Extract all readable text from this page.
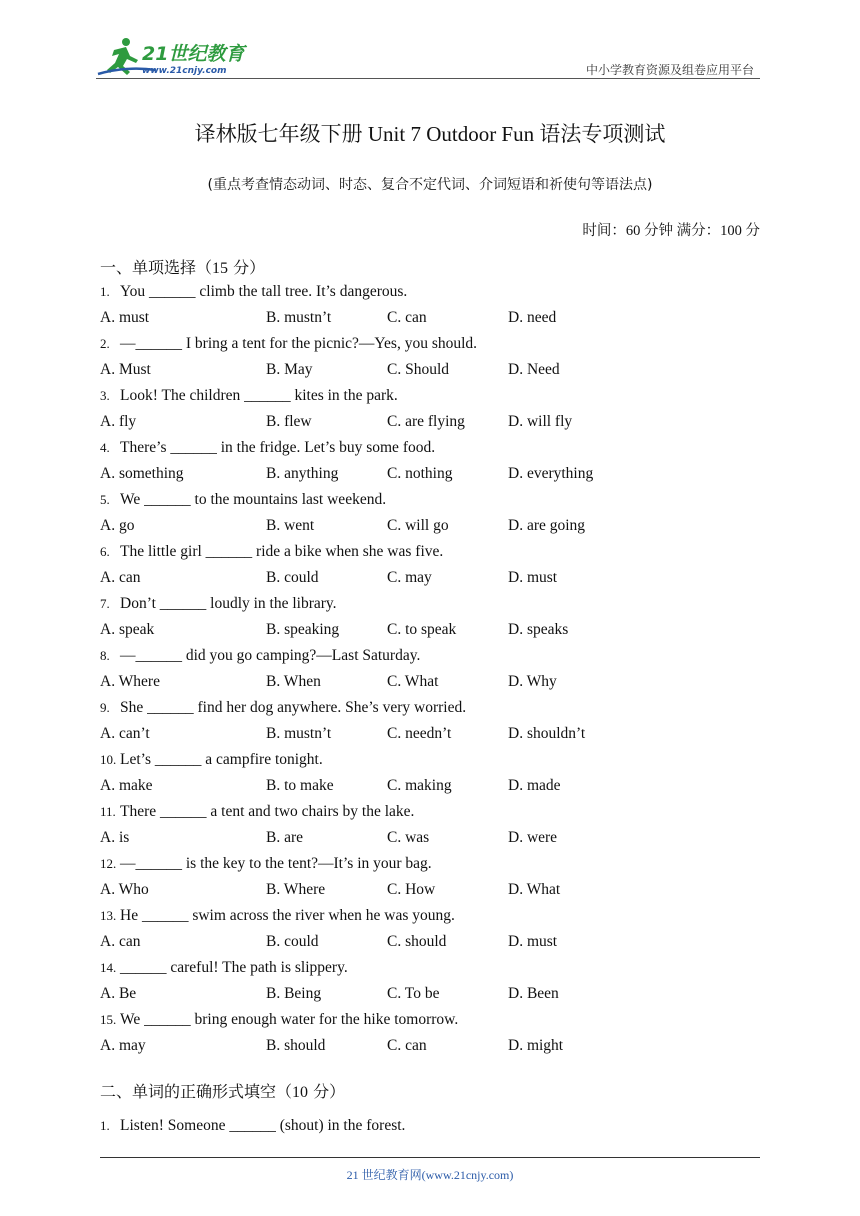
21世纪教育
www.21cnjy.com	中小学教育资源及组卷应用平台
译林版七年级下册 Unit 7 Outdoor Fun 语法专项测试
(重点考查情态动词、时态、复合不定代词、介词短语和祈使句等语法点)
时间：60 分钟 满分：100 分
一、单项选择（15 分）
1. You ______ climb the tall tree. It’s dangerous.
A. must	B. mustn’t	C. can	D. need
2. —______ I bring a tent for the picnic?—Yes, you should.
A. Must	B. May	C. Should	D. Need
3. Look! The children ______ kites in the park.
A. fly	B. flew	C. are flying	D. will fly
4. There’s ______ in the fridge. Let’s buy some food.
A. something	B. anything	C. nothing	D. everything
5. We ______ to the mountains last weekend.
A. go	B. went	C. will go	D. are going
6. The little girl ______ ride a bike when she was five.
A. can	B. could	C. may	D. must
7. Don’t ______ loudly in the library.
A. speak	B. speaking	C. to speak	D. speaks
8. —______ did you go camping?—Last Saturday.
A. Where	B. When	C. What	D. Why
9. She ______ find her dog anywhere. She’s very worried.
A. can’t	B. mustn’t	C. needn’t	D. shouldn’t
10. Let’s ______ a campfire tonight.
A. make	B. to make	C. making	D. made
11. There ______ a tent and two chairs by the lake.
A. is	B. are	C. was	D. were
12. —______ is the key to the tent?—It’s in your bag.
A. Who	B. Where	C. How	D. What
13. He ______ swim across the river when he was young.
A. can	B. could	C. should	D. must
14. ______ careful! The path is slippery.
A. Be	B. Being	C. To be	D. Been
15. We ______ bring enough water for the hike tomorrow.
A. may	B. should	C. can	D. might
二、单词的正确形式填空（10 分）
1. Listen! Someone ______ (shout) in the forest.
21 世纪教育网(www.21cnjy.com)
